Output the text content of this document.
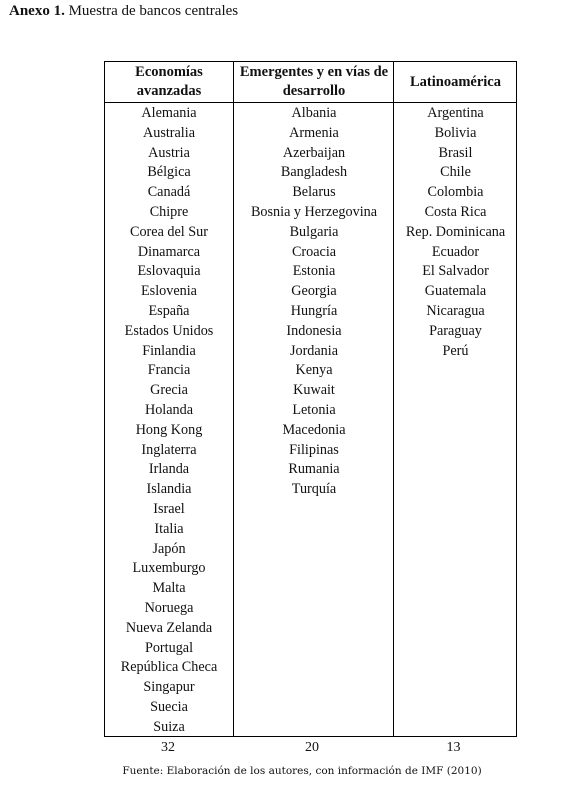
Anexo 1. Muestra de bancos centrales
Economías avanzadas
Alemania
Australia
Austria
Bélgica
Canadá
Chipre
Corea del Sur
Dinamarca
Eslovaquia
Eslovenia
España
Estados Unidos
Finlandia
Francia
Grecia
Holanda
Hong Kong
Inglaterra
Irlanda
Islandia
Israel
Italia
Japón
Luxemburgo
Malta
Noruega
Nueva Zelanda
Portugal
República Checa
Singapur
Suecia
Suiza
Emergentes y en vías de desarrollo
Albania
Armenia
Azerbaijan
Bangladesh
Belarus
Bosnia y Herzegovina
Bulgaria
Croacia
Estonia
Georgia
Hungría
Indonesia
Jordania
Kenya
Kuwait
Letonia
Macedonia
Filipinas
Rumania
Turquía
Latinoamérica
Argentina
Bolivia
Brasil
Chile
Colombia
Costa Rica
Rep. Dominicana
Ecuador
El Salvador
Guatemala
Nicaragua
Paraguay
Perú
32	20	13
Fuente: Elaboración de los autores, con información de IMF (2010)
